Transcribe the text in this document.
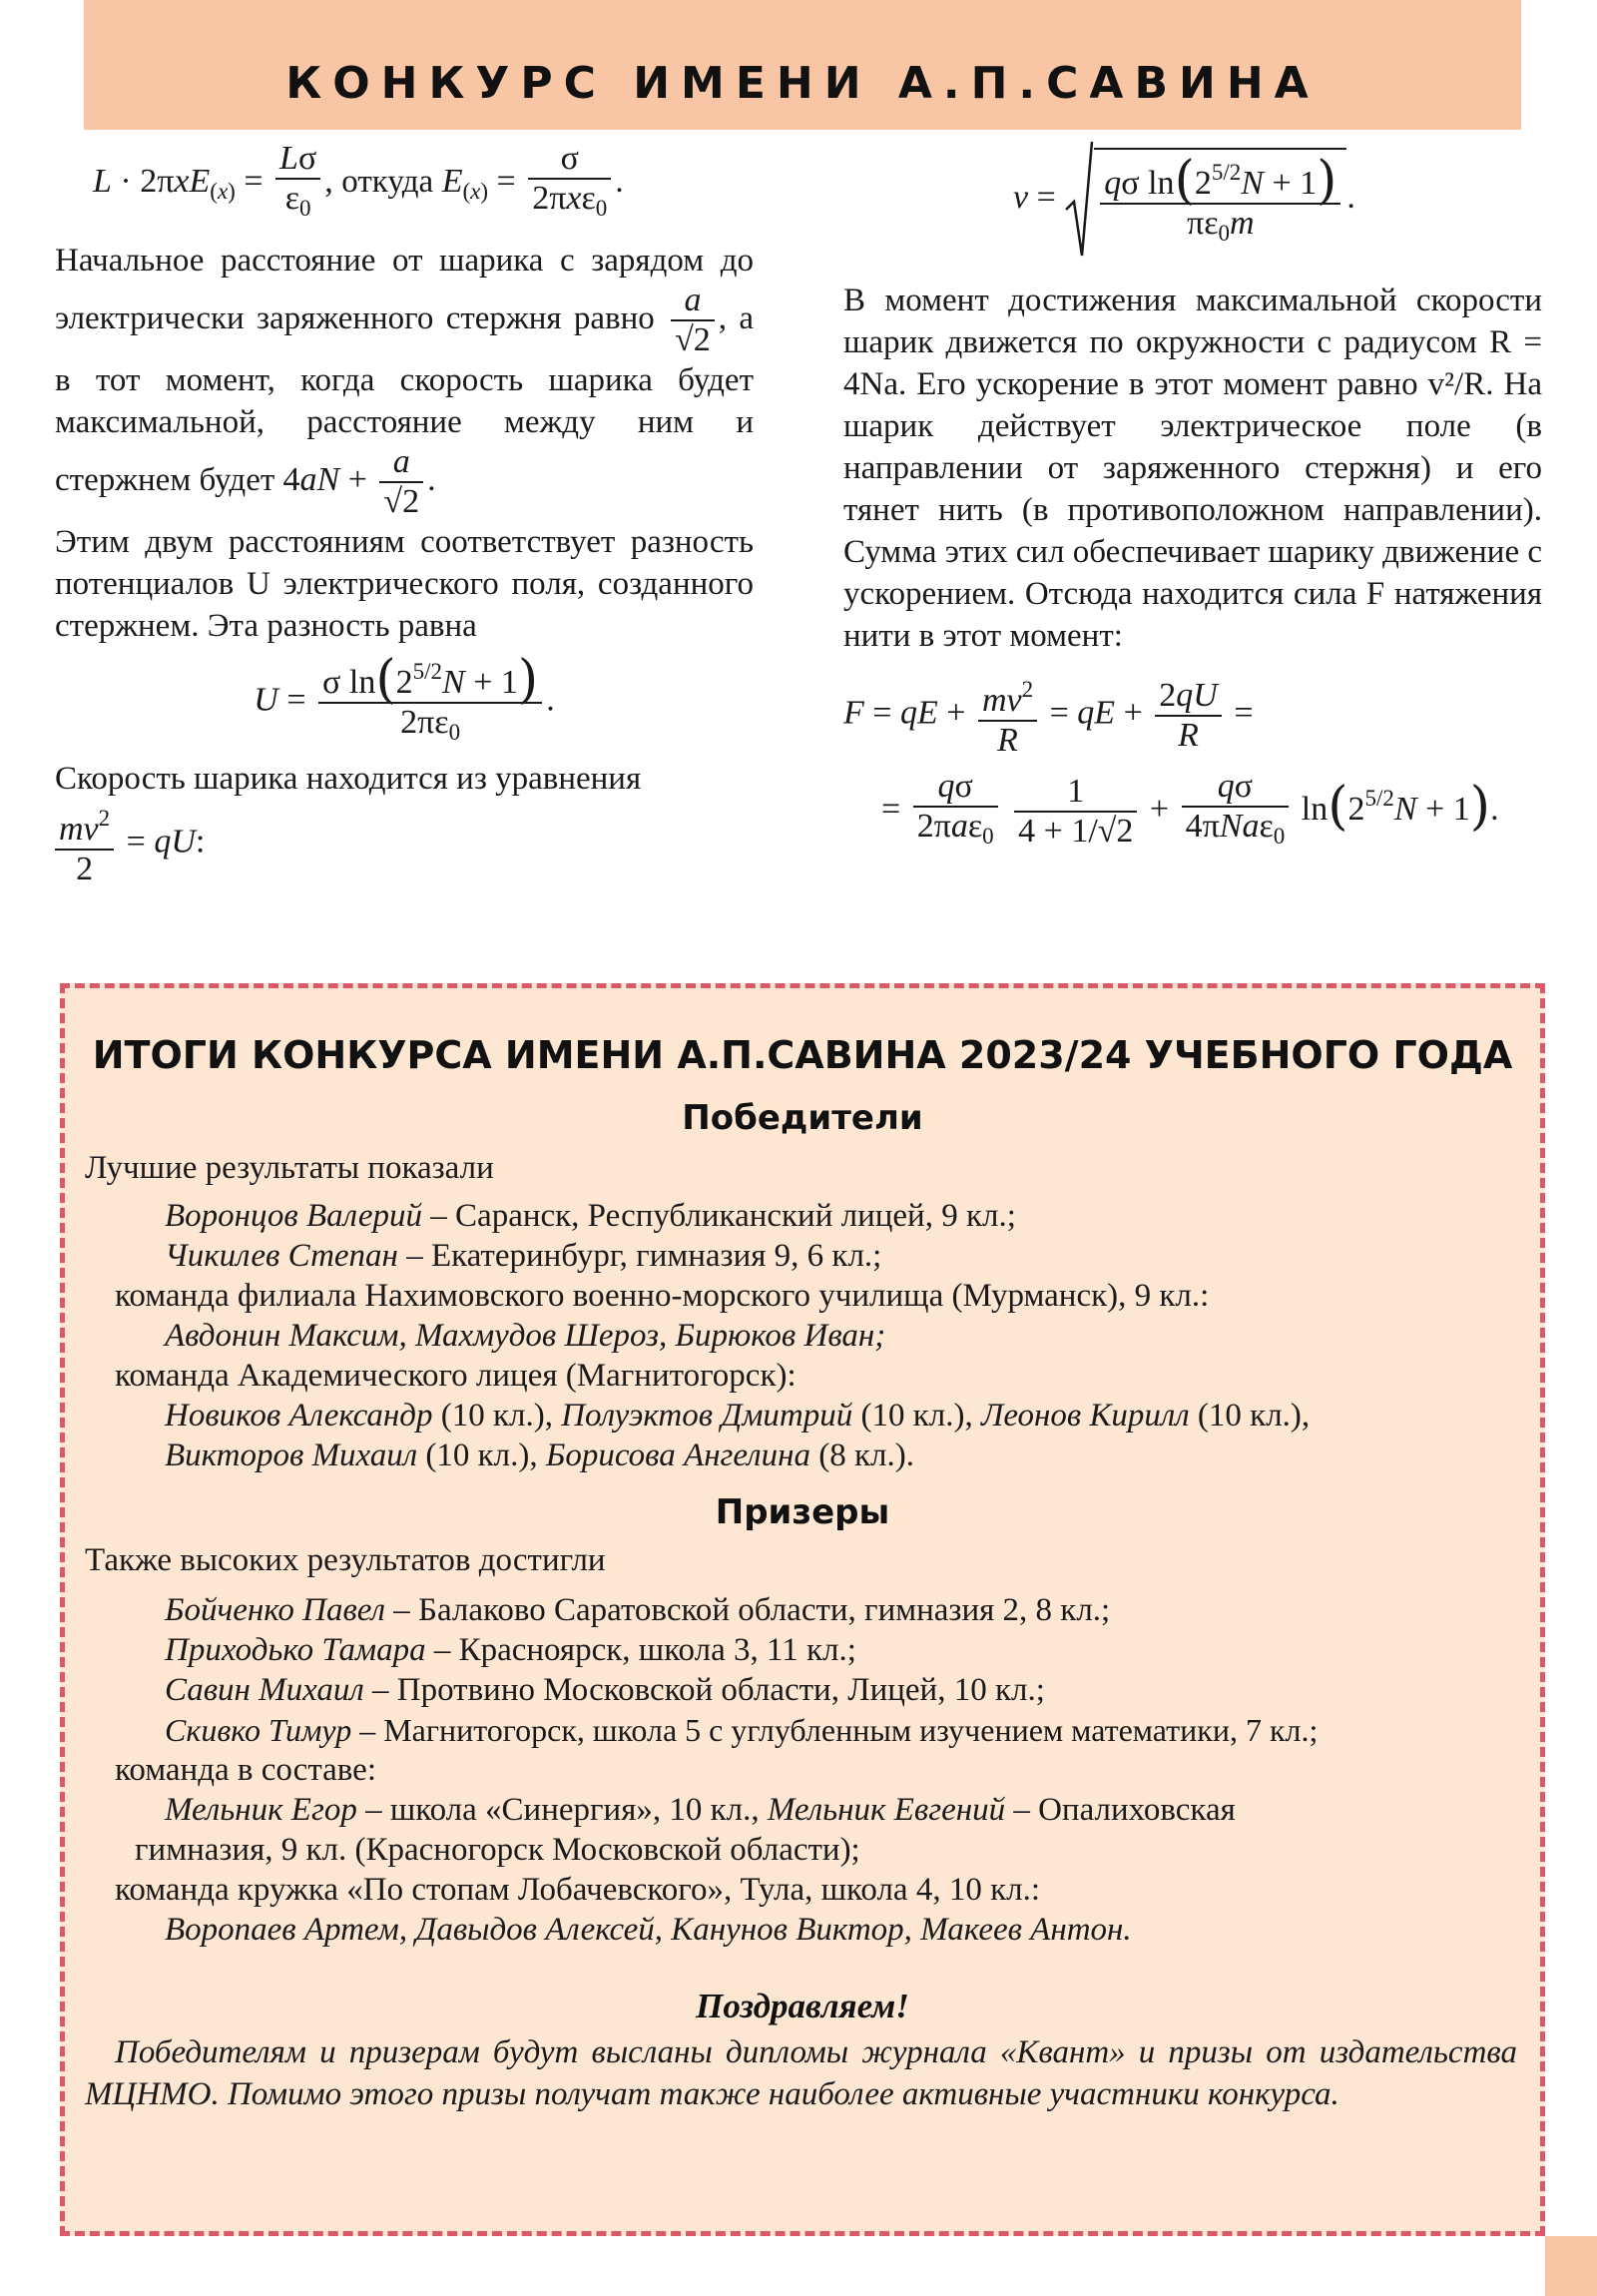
КОНКУРС ИМЕНИ А.П.САВИНА
$L \cdot 2\pi xE_{(x)} = \frac{L\sigma}{\varepsilon_0}$ , откуда $E_{(x)} = \frac{\sigma}{2\pi x\varepsilon_0}$ .

Начальное расстояние от шарика с зарядом до электрически заряженного стержня равно $\frac{a}{√2}$ , а в тот момент, когда скорость шарика будет максимальной, расстояние между ним и стержнем будет $4aN + \frac{a}{√2}$ .

Этим двум расстояниям соответствует разность потенциалов U электрического поля, созданного стержнем. Эта разность равна

$U = \frac{\sigma \ln(2^{5/2}N + 1)}{2\pi\varepsilon_0}$ .

Скорость шарика находится из уравнения

$\frac{mv^2}{2}$ = qU:
$v = \frac{q\sigma \ln(2^{5/2}N + 1)}{\pi\varepsilon_0m}$ .

В момент достижения максимальной скорости шарик движется по окружности с радиусом R = 4Na. Его ускорение в этот момент равно v²/R. На шарик действует электрическое поле (в направлении от заряженного стержня) и его тянет нить (в противоположном направлении). Сумма этих сил обеспечивает шарику движение с ускорением. Отсюда находится сила F натяжения нити в этот момент:

F = qE + $\frac{mv^2}{R}$ = qE + $\frac{2qU}{R}$ =
= $\frac{q\sigma}{2\pi a\varepsilon_0}$
$\frac{1}{4 + 1/√2} + \frac{q\sigma}{4\pi Na\varepsilon_0} \ln(2^{5/2}N + 1)$.
ИТОГИ КОНКУРСА ИМЕНИ А.П.САВИНА 2023/24 УЧЕБНОГО ГОДА
Победители
Лучшие результаты показали
Воронцов Валерий – Саранск, Республиканский лицей, 9 кл.;
Чикилев Степан – Екатеринбург, гимназия 9, 6 кл.;
команда филиала Нахимовского военно-морского училища (Мурманск), 9 кл.:
Авдонин Максим, Махмудов Шероз, Бирюков Иван;
команда Академического лицея (Магнитогорск):
Новиков Александр (10 кл.), Полуэктов Дмитрий (10 кл.), Леонов Кирилл (10 кл.),
Викторов Михаил (10 кл.), Борисова Ангелина (8 кл.).
Призеры
Также высоких результатов достигли
Бойченко Павел – Балаково Саратовской области, гимназия 2, 8 кл.;
Приходько Тамара – Красноярск, школа 3, 11 кл.;
Савин Михаил – Протвино Московской области, Лицей, 10 кл.;
Скивко Тимур – Магнитогорск, школа 5 с углубленным изучением математики, 7 кл.;
команда в составе:
Мельник Егор – школа «Синергия», 10 кл., Мельник Евгений – Опалиховская
гимназия, 9 кл. (Красногорск Московской области);
команда кружка «По стопам Лобачевского», Тула, школа 4, 10 кл.:
Воропаев Артем, Давыдов Алексей, Канунов Виктор, Макеев Антон.
Поздравляем!
Победителям и призерам будут высланы дипломы журнала «Квант» и призы от издательства МЦНМО. Помимо этого призы получат также наиболее активные участники конкурса.
